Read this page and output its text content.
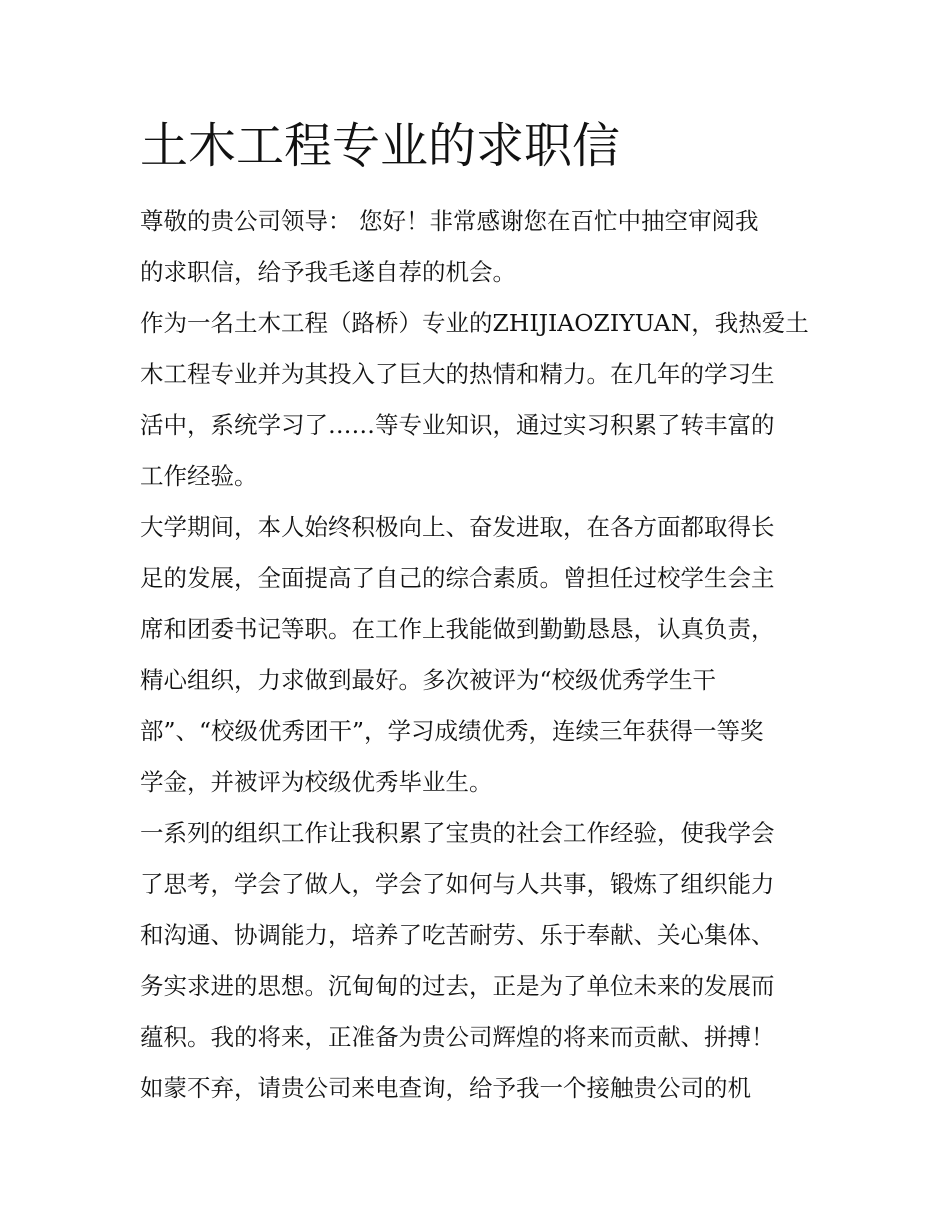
土木工程专业的求职信
尊敬的贵公司领导： 您好！非常感谢您在百忙中抽空审阅我
的求职信，给予我毛遂自荐的机会。
作为一名土木工程（路桥）专业的ZHIJIAOZIYUAN，我热爱土
木工程专业并为其投入了巨大的热情和精力。在几年的学习生
活中，系统学习了……等专业知识，通过实习积累了转丰富的
工作经验。
大学期间，本人始终积极向上、奋发进取，在各方面都取得长
足的发展，全面提高了自己的综合素质。曾担任过校学生会主
席和团委书记等职。在工作上我能做到勤勤恳恳，认真负责，
精心组织，力求做到最好。多次被评为“校级优秀学生干
部”、“校级优秀团干”，学习成绩优秀，连续三年获得一等奖
学金，并被评为校级优秀毕业生。
一系列的组织工作让我积累了宝贵的社会工作经验，使我学会
了思考，学会了做人，学会了如何与人共事，锻炼了组织能力
和沟通、协调能力，培养了吃苦耐劳、乐于奉献、关心集体、
务实求进的思想。沉甸甸的过去，正是为了单位未来的发展而
蕴积。我的将来，正准备为贵公司辉煌的将来而贡献、拼搏！
如蒙不弃，请贵公司来电查询，给予我一个接触贵公司的机
